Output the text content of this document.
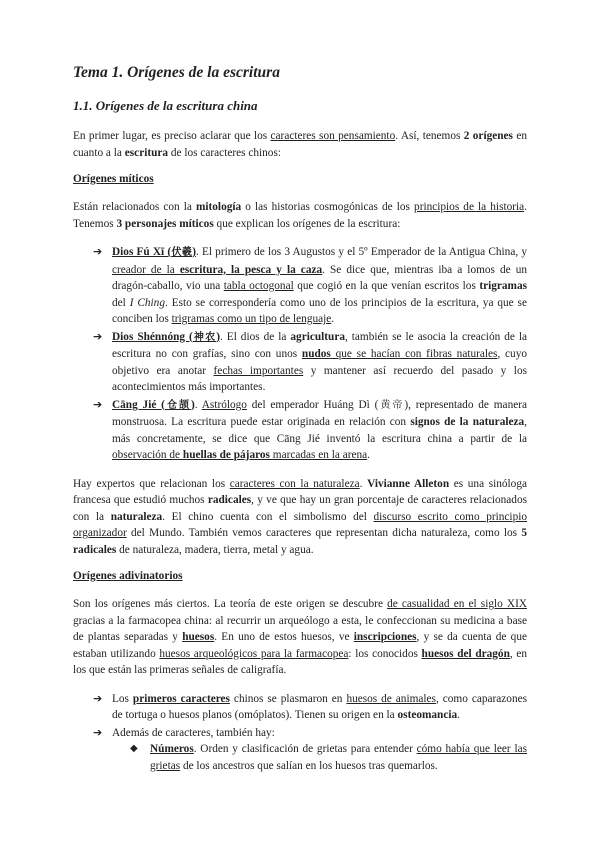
Tema 1. Orígenes de la escritura
1.1. Orígenes de la escritura china

En primer lugar, es preciso aclarar que los caracteres son pensamiento. Así, tenemos 2 orígenes en cuanto a la escritura de los caracteres chinos:

Orígenes míticos

Están relacionados con la mitología o las historias cosmogónicas de los principios de la historia. Tenemos 3 personajes míticos que explican los orígenes de la escritura:

➔ Dios Fú Xī (伏羲). El primero de los 3 Augustos y el 5º Emperador de la Antigua China, y creador de la escritura, la pesca y la caza. Se dice que, mientras iba a lomos de un dragón-caballo, vio una tabla octogonal que cogió en la que venían escritos los trigramas del I Ching. Esto se correspondería como uno de los principios de la escritura, ya que se conciben los trigramas como un tipo de lenguaje.
➔ Dios Shénnóng (神农). El dios de la agricultura, también se le asocia la creación de la escritura no con grafías, sino con unos nudos que se hacían con fibras naturales, cuyo objetivo era anotar fechas importantes y mantener así recuerdo del pasado y los acontecimientos más importantes.
➔ Cāng Jié (仓颉). Astrólogo del emperador Huáng Dì (黄帝), representado de manera monstruosa. La escritura puede estar originada en relación con signos de la naturaleza, más concretamente, se dice que Cāng Jié inventó la escritura china a partir de la observación de huellas de pájaros marcadas en la arena.

Hay expertos que relacionan los caracteres con la naturaleza. Vivianne Alleton es una sinóloga francesa que estudió muchos radicales, y ve que hay un gran porcentaje de caracteres relacionados con la naturaleza. El chino cuenta con el simbolismo del discurso escrito como principio organizador del Mundo. También vemos caracteres que representan dicha naturaleza, como los 5 radicales de naturaleza, madera, tierra, metal y agua.

Orígenes adivinatorios

Son los orígenes más ciertos. La teoría de este origen se descubre de casualidad en el siglo XIX gracias a la farmacopea china: al recurrir un arqueólogo a esta, le confeccionan su medicina a base de plantas separadas y huesos. En uno de estos huesos, ve inscripciones, y se da cuenta de que estaban utilizando huesos arqueológicos para la farmacopea: los conocidos huesos del dragón, en los que están las primeras señales de caligrafía.

➔ Los primeros caracteres chinos se plasmaron en huesos de animales, como caparazones de tortuga o huesos planos (omóplatos). Tienen su origen en la osteomancia.
➔ Además de caracteres, también hay:
◆ Números. Orden y clasificación de grietas para entender cómo había que leer las grietas de los ancestros que salían en los huesos tras quemarlos.
